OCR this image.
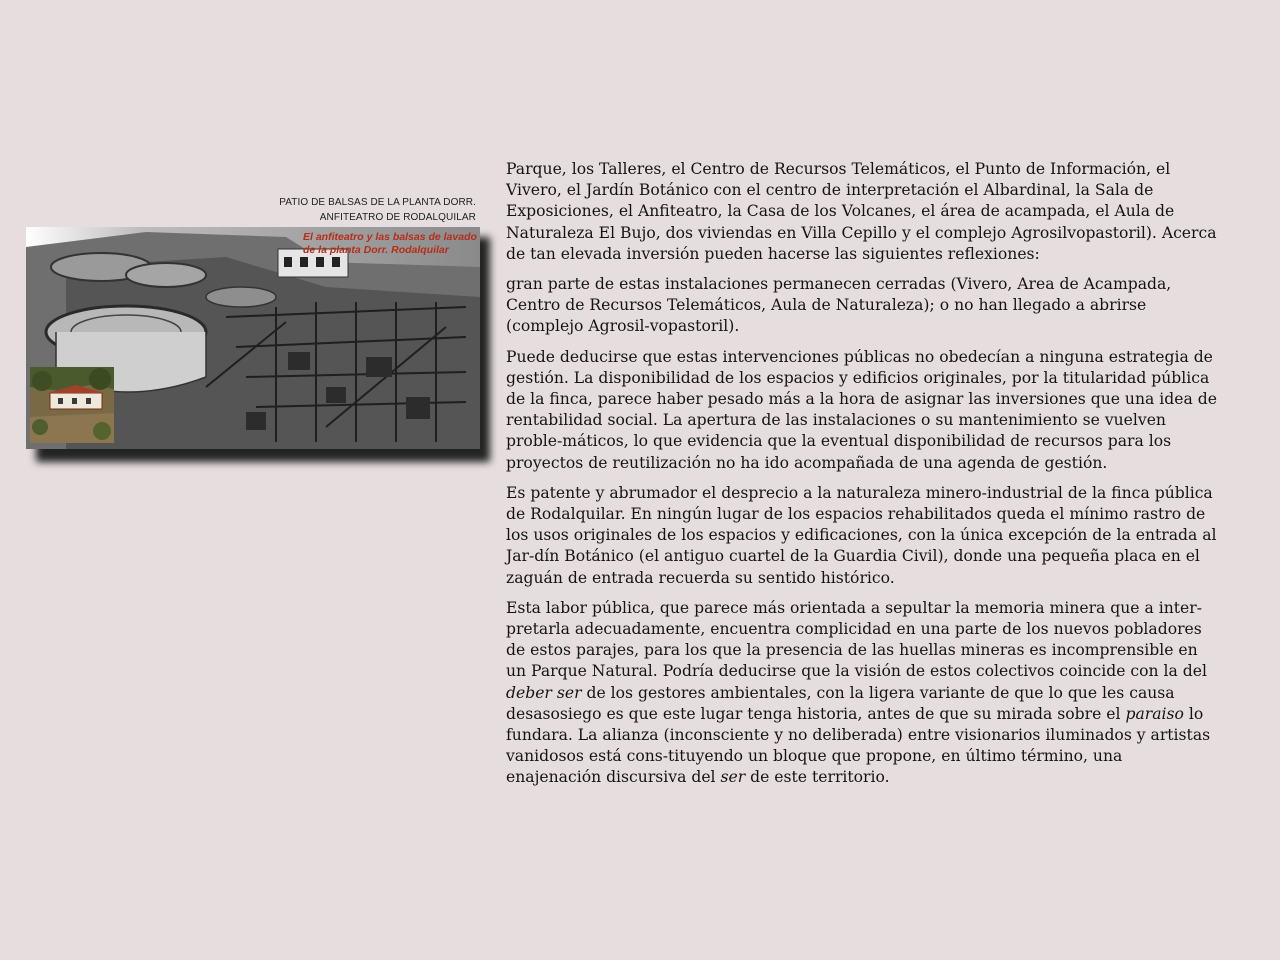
PATIO DE BALSAS DE LA PLANTA DORR.
ANFITEATRO DE RODALQUILAR
El anfiteatro y las balsas de lavado
de la planta Dorr. Rodalquilar

Parque, los Talleres, el Centro de Recursos Telemáticos, el Punto de Información, el Vivero, el Jardín Botánico con el centro de interpretación el Albardinal, la Sala de Exposiciones, el Anfiteatro, la Casa de los Volcanes, el área de acampada, el Aula de Naturaleza El Bujo, dos viviendas en Villa Cepillo y el complejo Agrosilvopastoril). Acerca de tan elevada inversión pueden hacerse las siguientes reflexiones:

gran parte de estas instalaciones permanecen cerradas (Vivero, Area de Acampada, Centro de Recursos Telemáticos, Aula de Naturaleza); o no han llegado a abrirse (complejo Agrosil-vopastoril).

Puede deducirse que estas intervenciones públicas no obedecían a ninguna estrategia de gestión. La disponibilidad de los espacios y edificios originales, por la titularidad pública de la finca, parece haber pesado más a la hora de asignar las inversiones que una idea de rentabilidad social. La apertura de las instalaciones o su mantenimiento se vuelven proble-máticos, lo que evidencia que la eventual disponibilidad de recursos para los proyectos de reutilización no ha ido acompañada de una agenda de gestión.

Es patente y abrumador el desprecio a la naturaleza minero-industrial de la finca pública de Rodalquilar. En ningún lugar de los espacios rehabilitados queda el mínimo rastro de los usos originales de los espacios y edificaciones, con la única excepción de la entrada al Jar-dín Botánico (el antiguo cuartel de la Guardia Civil), donde una pequeña placa en el zaguán de entrada recuerda su sentido histórico.

Esta labor pública, que parece más orientada a sepultar la memoria minera que a inter-pretarla adecuadamente, encuentra complicidad en una parte de los nuevos pobladores de estos parajes, para los que la presencia de las huellas mineras es incomprensible en un Parque Natural. Podría deducirse que la visión de estos colectivos coincide con la del deber ser de los gestores ambientales, con la ligera variante de que lo que les causa desasosiego es que este lugar tenga historia, antes de que su mirada sobre el paraiso lo fundara. La alianza (inconsciente y no deliberada) entre visionarios iluminados y artistas vanidosos está cons-tituyendo un bloque que propone, en último término, una enajenación discursiva del ser de este territorio.
